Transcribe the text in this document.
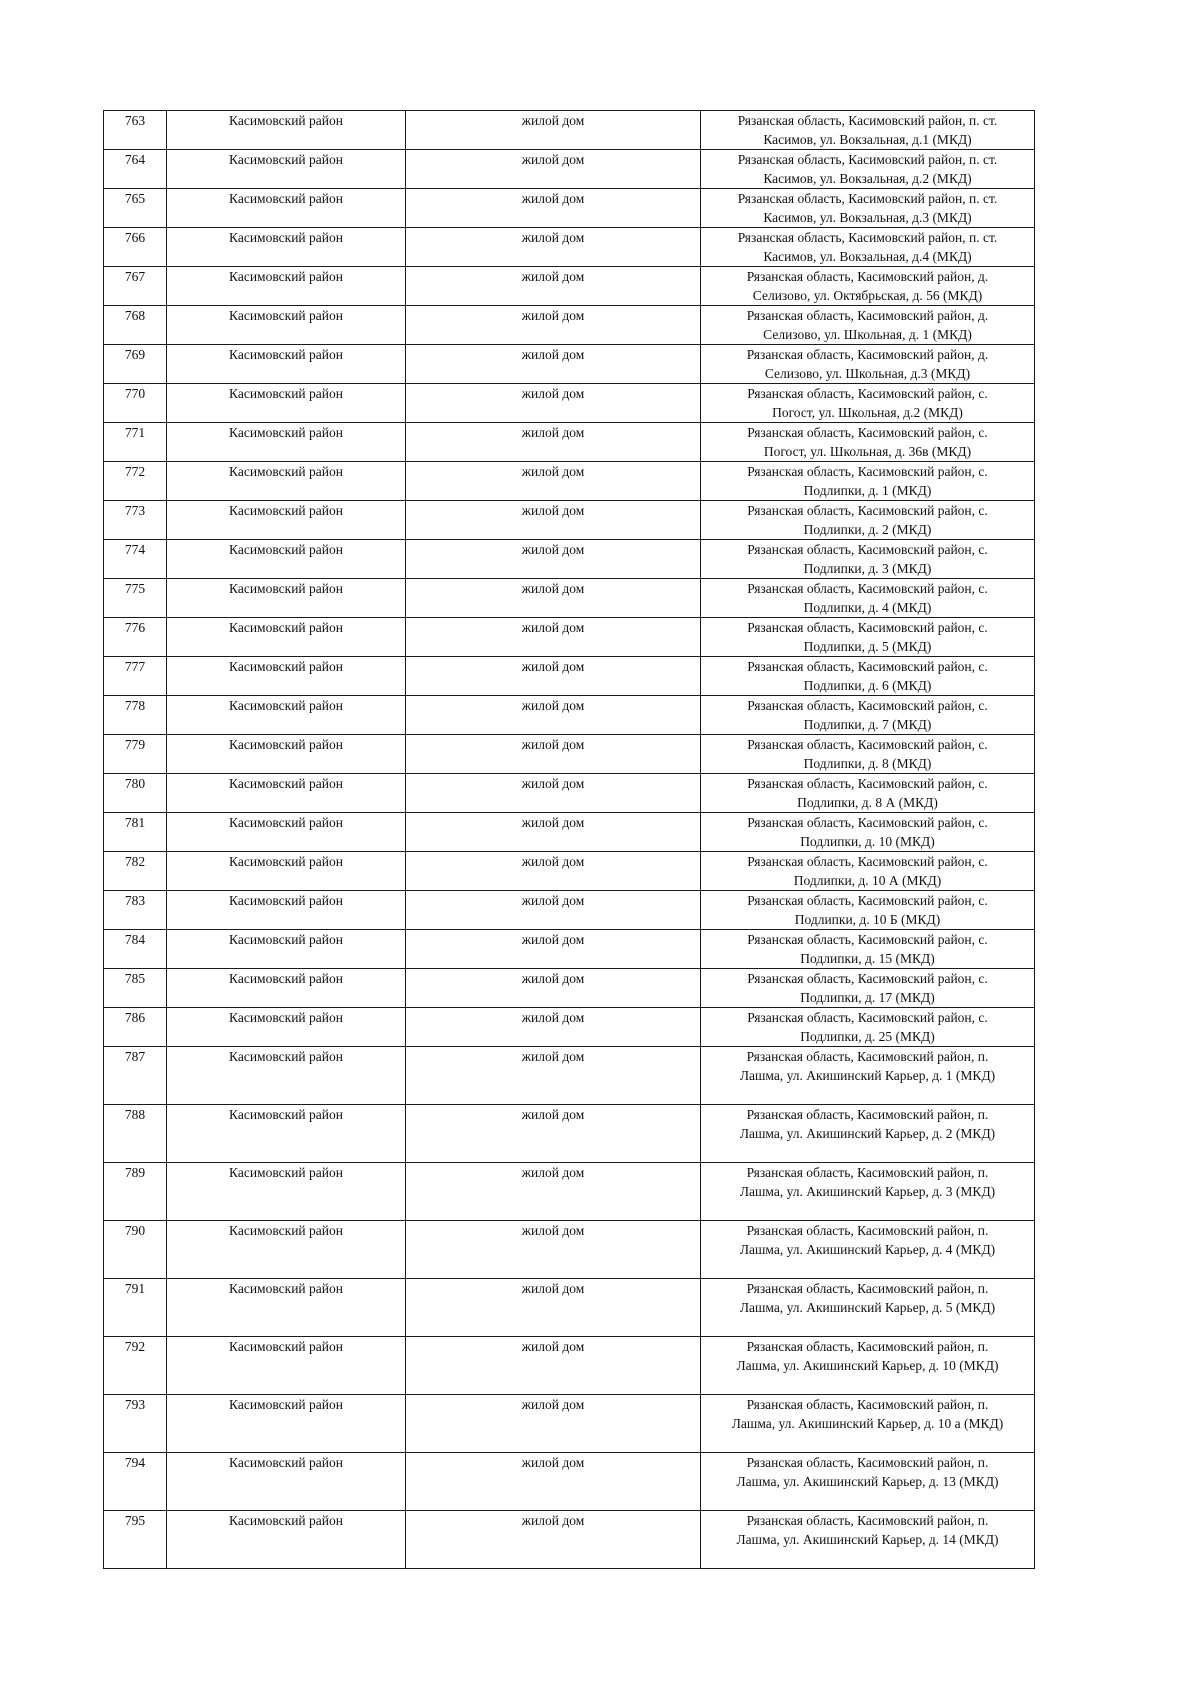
763	Касимовский район	жилой дом	Рязанская область, Касимовский район, п. ст.
Касимов, ул. Вокзальная, д.1 (МКД)

764	Касимовский район	жилой дом	Рязанская область, Касимовский район, п. ст.
Касимов, ул. Вокзальная, д.2 (МКД)

765	Касимовский район	жилой дом	Рязанская область, Касимовский район, п. ст.
Касимов, ул. Вокзальная, д.3 (МКД)

766	Касимовский район	жилой дом	Рязанская область, Касимовский район, п. ст.
Касимов, ул. Вокзальная, д.4 (МКД)

767	Касимовский район	жилой дом	Рязанская область, Касимовский район, д.
Селизово, ул. Октябрьская, д. 56 (МКД)

768	Касимовский район	жилой дом	Рязанская область, Касимовский район, д.
Селизово, ул. Школьная, д. 1 (МКД)

769	Касимовский район	жилой дом	Рязанская область, Касимовский район, д.
Селизово, ул. Школьная, д.3 (МКД)

770	Касимовский район	жилой дом	Рязанская область, Касимовский район, с.
Погост, ул. Школьная, д.2 (МКД)

771	Касимовский район	жилой дом	Рязанская область, Касимовский район, с.
Погост, ул. Школьная, д. 36в (МКД)

772	Касимовский район	жилой дом	Рязанская область, Касимовский район, с.
Подлипки, д. 1 (МКД)

773	Касимовский район	жилой дом	Рязанская область, Касимовский район, с.
Подлипки, д. 2 (МКД)

774	Касимовский район	жилой дом	Рязанская область, Касимовский район, с.
Подлипки, д. 3 (МКД)

775	Касимовский район	жилой дом	Рязанская область, Касимовский район, с.
Подлипки, д. 4 (МКД)

776	Касимовский район	жилой дом	Рязанская область, Касимовский район, с.
Подлипки, д. 5 (МКД)

777	Касимовский район	жилой дом	Рязанская область, Касимовский район, с.
Подлипки, д. 6 (МКД)

778	Касимовский район	жилой дом	Рязанская область, Касимовский район, с.
Подлипки, д. 7 (МКД)

779	Касимовский район	жилой дом	Рязанская область, Касимовский район, с.
Подлипки, д. 8 (МКД)

780	Касимовский район	жилой дом	Рязанская область, Касимовский район, с.
Подлипки, д. 8 А (МКД)

781	Касимовский район	жилой дом	Рязанская область, Касимовский район, с.
Подлипки, д. 10 (МКД)

782	Касимовский район	жилой дом	Рязанская область, Касимовский район, с.
Подлипки, д. 10 А (МКД)

783	Касимовский район	жилой дом	Рязанская область, Касимовский район, с.
Подлипки, д. 10 Б (МКД)

784	Касимовский район	жилой дом	Рязанская область, Касимовский район, с.
Подлипки, д. 15 (МКД)

785	Касимовский район	жилой дом	Рязанская область, Касимовский район, с.
Подлипки, д. 17 (МКД)

786	Касимовский район	жилой дом	Рязанская область, Касимовский район, с.
Подлипки, д. 25 (МКД)

787	Касимовский район	жилой дом	Рязанская область, Касимовский район, п.
Лашма, ул. Акишинский Карьер, д. 1 (МКД)

788	Касимовский район	жилой дом	Рязанская область, Касимовский район, п.
Лашма, ул. Акишинский Карьер, д. 2 (МКД)

789	Касимовский район	жилой дом	Рязанская область, Касимовский район, п.
Лашма, ул. Акишинский Карьер, д. 3 (МКД)

790	Касимовский район	жилой дом	Рязанская область, Касимовский район, п.
Лашма, ул. Акишинский Карьер, д. 4 (МКД)

791	Касимовский район	жилой дом	Рязанская область, Касимовский район, п.
Лашма, ул. Акишинский Карьер, д. 5 (МКД)

792	Касимовский район	жилой дом	Рязанская область, Касимовский район, п.
Лашма, ул. Акишинский Карьер, д. 10 (МКД)

793	Касимовский район	жилой дом	Рязанская область, Касимовский район, п.
Лашма, ул. Акишинский Карьер, д. 10 а (МКД)

794	Касимовский район	жилой дом	Рязанская область, Касимовский район, п.
Лашма, ул. Акишинский Карьер, д. 13 (МКД)

795	Касимовский район	жилой дом	Рязанская область, Касимовский район, п.
Лашма, ул. Акишинский Карьер, д. 14 (МКД)
